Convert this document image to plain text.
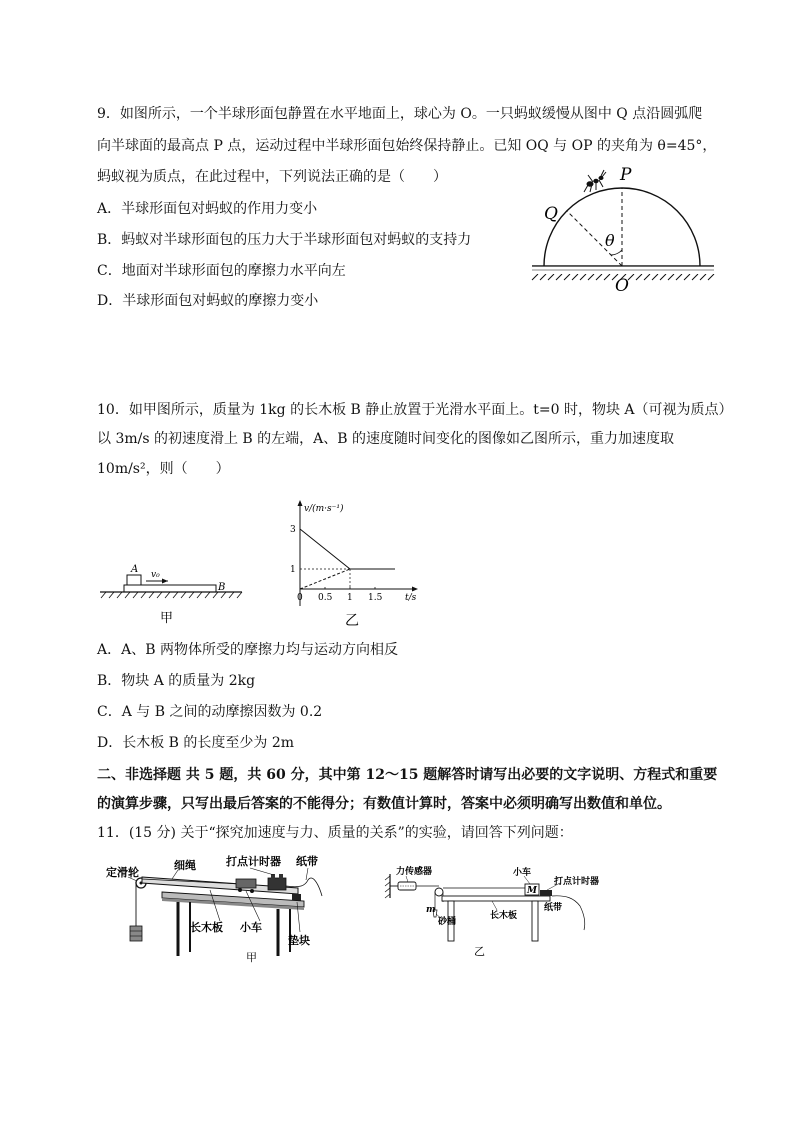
9．如图所示，一个半球形面包静置在水平地面上，球心为 O。一只蚂蚁缓慢从图中 Q 点沿圆弧爬
向半球面的最高点 P 点，运动过程中半球形面包始终保持静止。已知 OQ 与 OP 的夹角为 θ=45°，
蚂蚁视为质点，在此过程中，下列说法正确的是（　　）
A．半球形面包对蚂蚁的作用力变小
B．蚂蚁对半球形面包的压力大于半球形面包对蚂蚁的支持力
C．地面对半球形面包的摩擦力水平向左
D．半球形面包对蚂蚁的摩擦力变小
P
Q
θ
O
10．如甲图所示，质量为 1kg 的长木板 B 静止放置于光滑水平面上。t=0 时，物块 A（可视为质点）
以 3m/s 的初速度滑上 B 的左端，A、B 的速度随时间变化的图像如乙图所示，重力加速度取
10m/s²，则（　　）
A v₀
B
甲
0 0.5 1 1.5
1
3
v/(m·s⁻¹)
t/s
乙
A．A、B 两物体所受的摩擦力均与运动方向相反
B．物块 A 的质量为 2kg
C．A 与 B 之间的动摩擦因数为 0.2
D．长木板 B 的长度至少为 2m
二、非选择题 共 5 题，共 60 分，其中第 12～15 题解答时请写出必要的文字说明、方程式和重要
的演算步骤，只写出最后答案的不能得分；有数值计算时，答案中必须明确写出数值和单位。
11．(15 分) 关于“探究加速度与力、质量的关系”的实验，请回答下列问题：
定滑轮
细绳	打点计时器 纸带
长木板 小车
垫块
甲
M
力传感器	小车
打点计时器
m
砂桶
长木板
纸带
乙
